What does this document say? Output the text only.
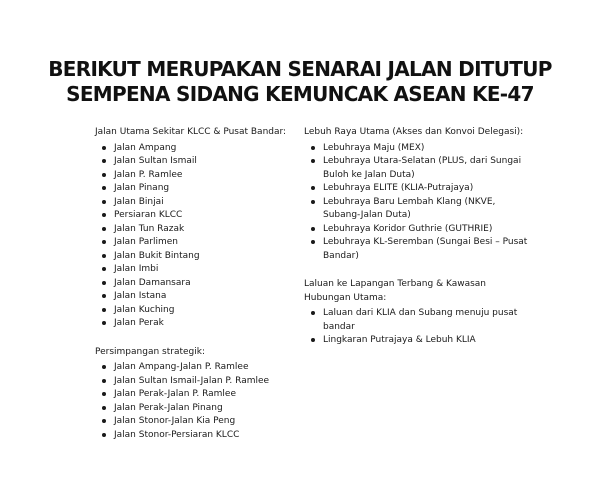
BERIKUT MERUPAKAN SENARAI JALAN DITUTUP
SEMPENA SIDANG KEMUNCAK ASEAN KE-47

Jalan Utama Sekitar KLCC & Pusat Bandar:

Jalan Ampang
Jalan Sultan Ismail
Jalan P. Ramlee
Jalan Pinang
Jalan Binjai
Persiaran KLCC
Jalan Tun Razak
Jalan Parlimen
Jalan Bukit Bintang
Jalan Imbi
Jalan Damansara
Jalan Istana
Jalan Kuching
Jalan Perak

Persimpangan strategik:

Jalan Ampang-Jalan P. Ramlee
Jalan Sultan Ismail-Jalan P. Ramlee
Jalan Perak-Jalan P. Ramlee
Jalan Perak-Jalan Pinang
Jalan Stonor-Jalan Kia Peng
Jalan Stonor-Persiaran KLCC

Lebuh Raya Utama (Akses dan Konvoi Delegasi):

Lebuhraya Maju (MEX)
Lebuhraya Utara-Selatan (PLUS, dari Sungai Buloh ke Jalan Duta)
Lebuhraya ELITE (KLIA-Putrajaya)
Lebuhraya Baru Lembah Klang (NKVE, Subang-Jalan Duta)
Lebuhraya Koridor Guthrie (GUTHRIE)
Lebuhraya KL-Seremban (Sungai Besi – Pusat Bandar)

Laluan ke Lapangan Terbang & Kawasan Hubungan Utama:

Laluan dari KLIA dan Subang menuju pusat bandar
Lingkaran Putrajaya & Lebuh KLIA
